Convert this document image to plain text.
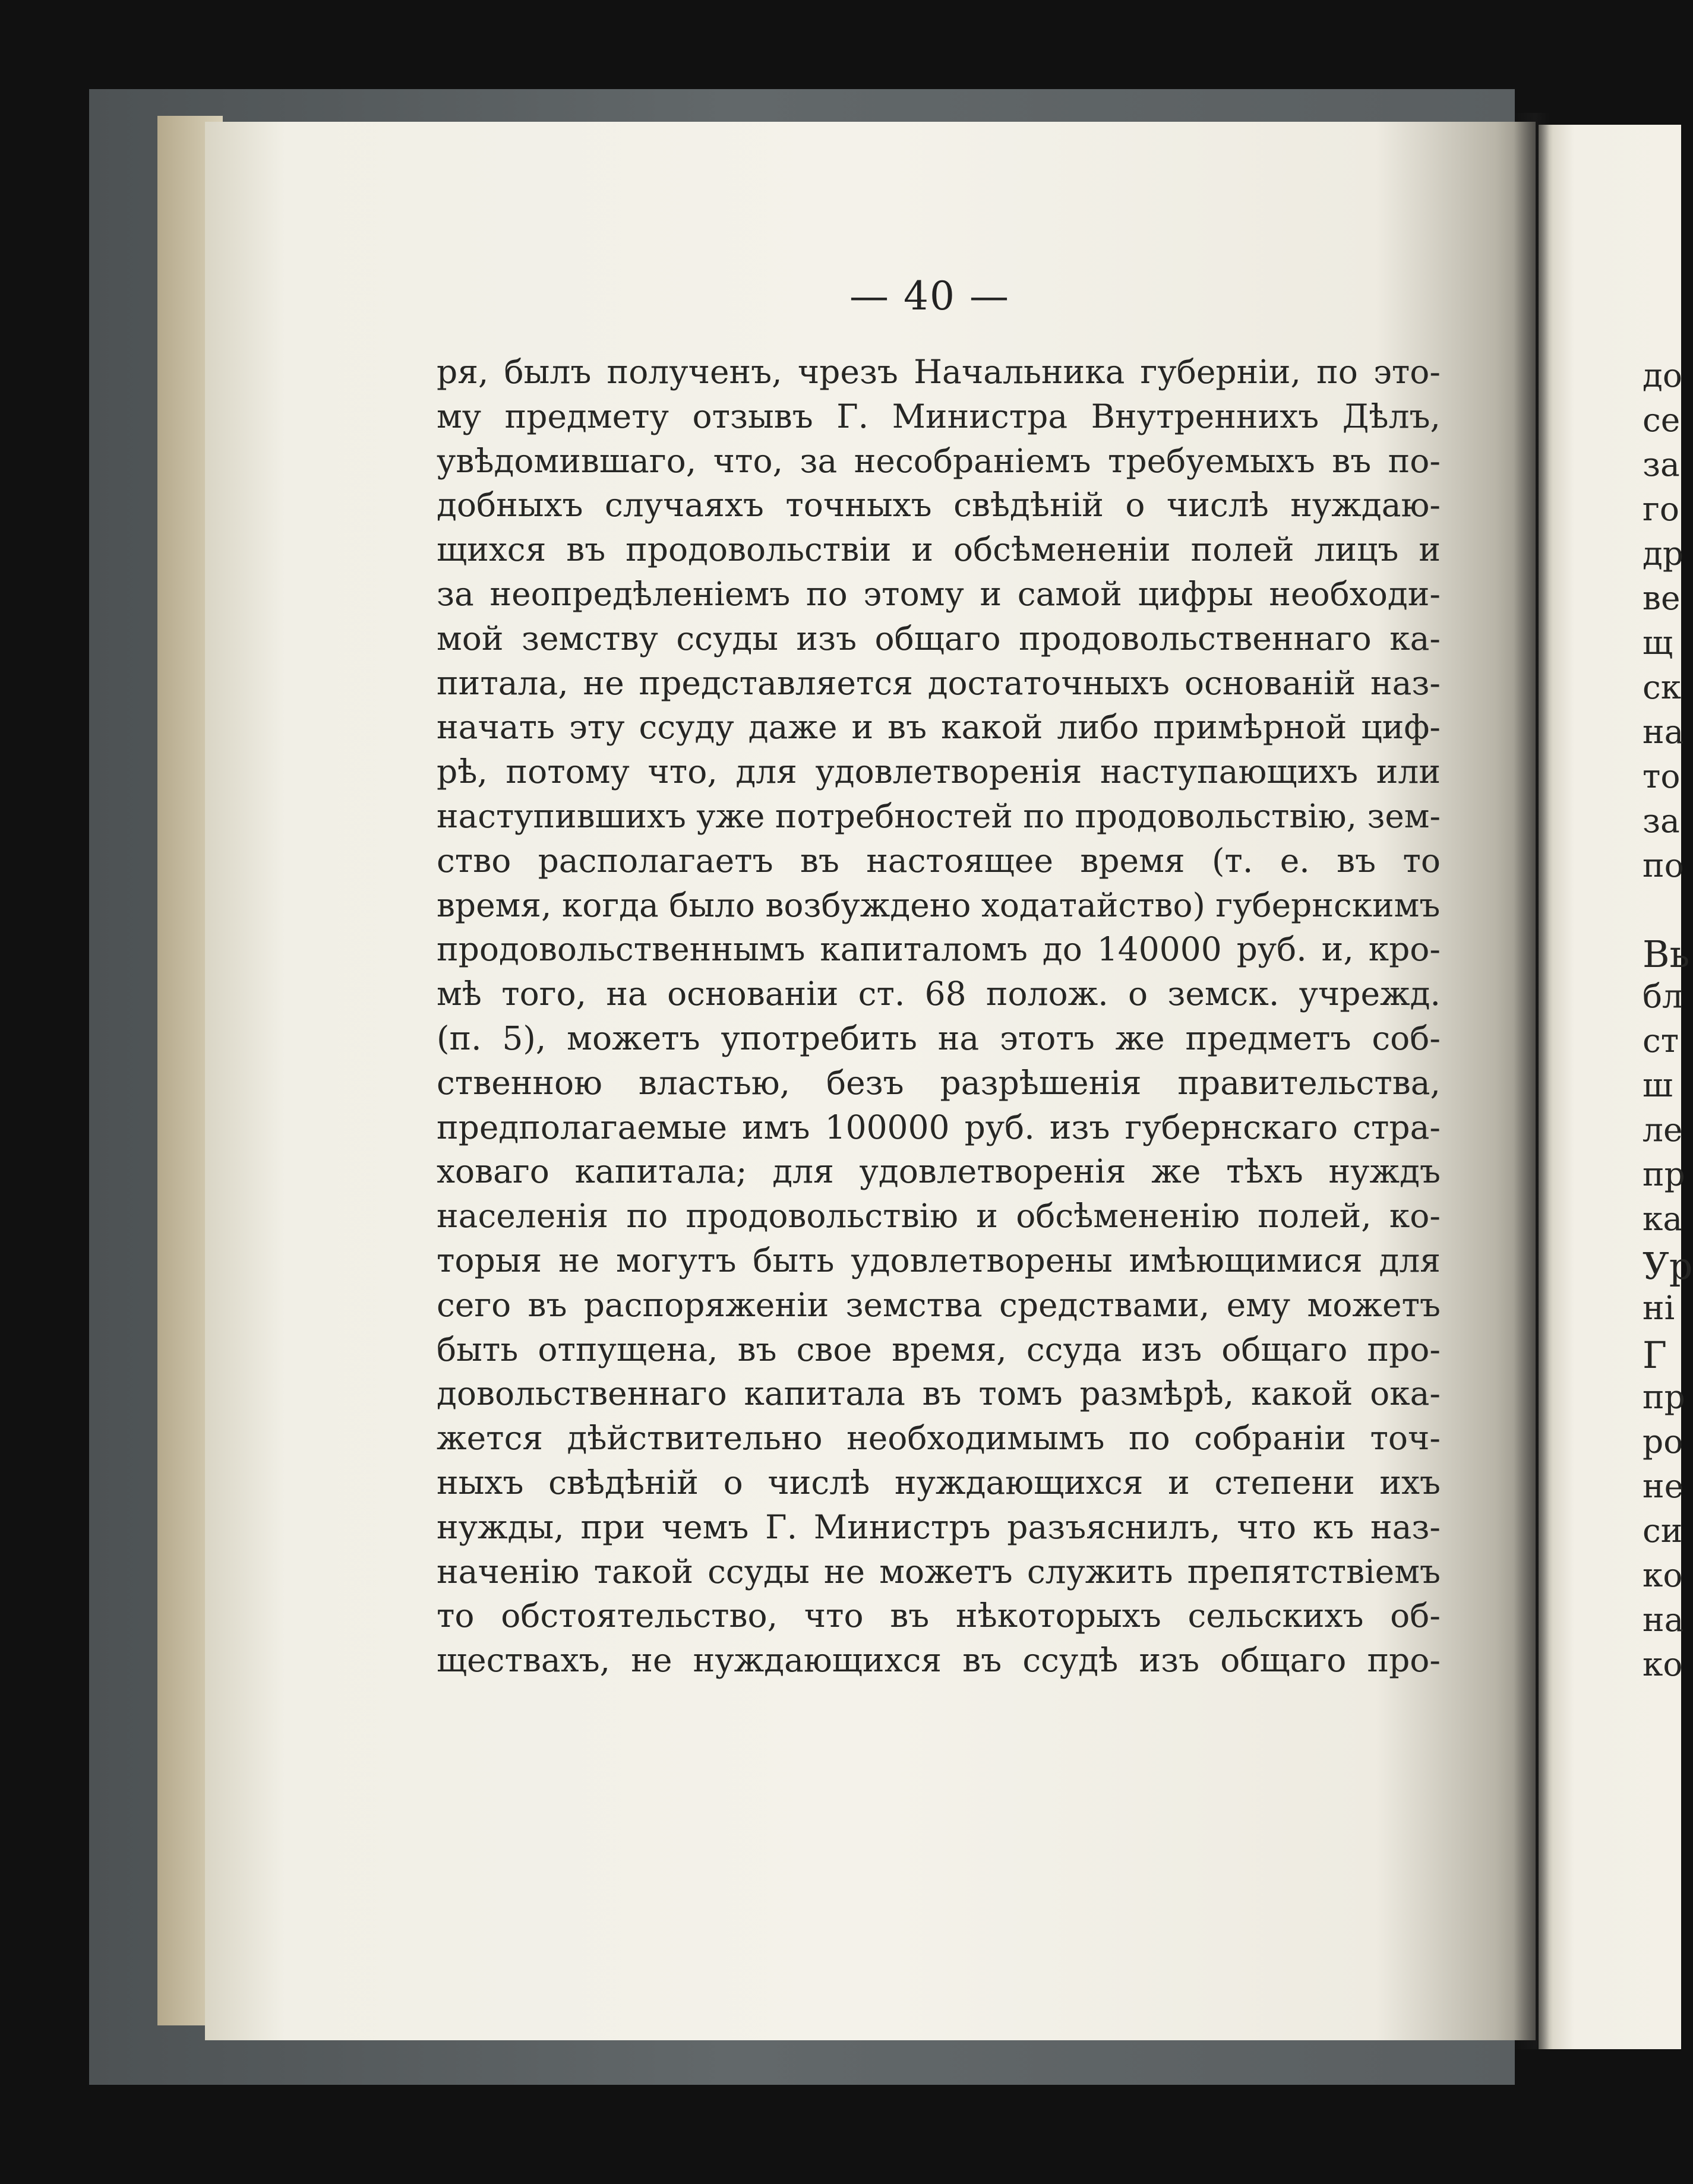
— 40 —
ря, былъ полученъ, чрезъ Начальника губерніи, по это-
му предмету отзывъ Г. Министра Внутреннихъ Дѣлъ,
увѣдомившаго, что, за несобраніемъ требуемыхъ въ по-
добныхъ случаяхъ точныхъ свѣдѣній о числѣ нуждаю-
щихся въ продовольствіи и обсѣмененіи полей лицъ и
за неопредѣленіемъ по этому и самой цифры необходи-
мой земству ссуды изъ общаго продовольственнаго ка-
питала, не представляется достаточныхъ основаній наз-
начать эту ссуду даже и въ какой либо примѣрной циф-
рѣ, потому что, для удовлетворенія наступающихъ или
наступившихъ уже потребностей по продовольствію, зем-
ство располагаетъ въ настоящее время (т. е. въ то
время, когда было возбуждено ходатайство) губернскимъ
продовольственнымъ капиталомъ до 140000 руб. и, кро-
мѣ того, на основаніи ст. 68 полож. о земск. учрежд.
(п. 5), можетъ употребить на этотъ же предметъ соб-
ственною властью, безъ разрѣшенія правительства,
предполагаемые имъ 100000 руб. изъ губернскаго стра-
ховаго капитала; для удовлетворенія же тѣхъ нуждъ
населенія по продовольствію и обсѣмененію полей, ко-
торыя не могутъ быть удовлетворены имѣющимися для
сего въ распоряженіи земства средствами, ему можетъ
быть отпущена, въ свое время, ссуда изъ общаго про-
довольственнаго капитала въ томъ размѣрѣ, какой ока-
жется дѣйствительно необходимымъ по собраніи точ-
ныхъ свѣдѣній о числѣ нуждающихся и степени ихъ
нужды, при чемъ Г. Министръ разъяснилъ, что къ наз-
наченію такой ссуды не можетъ служить препятствіемъ
то обстоятельство, что въ нѣкоторыхъ сельскихъ об-
ществахъ, не нуждающихся въ ссудѣ изъ общаго про-
до
се
за
го
др
ве
щ
ск
на
то
за
по
Вь
бл
ст
ш
ле
пр
ка
Ур
ні
Г
пр
ро
не
си
ко
на
ко
